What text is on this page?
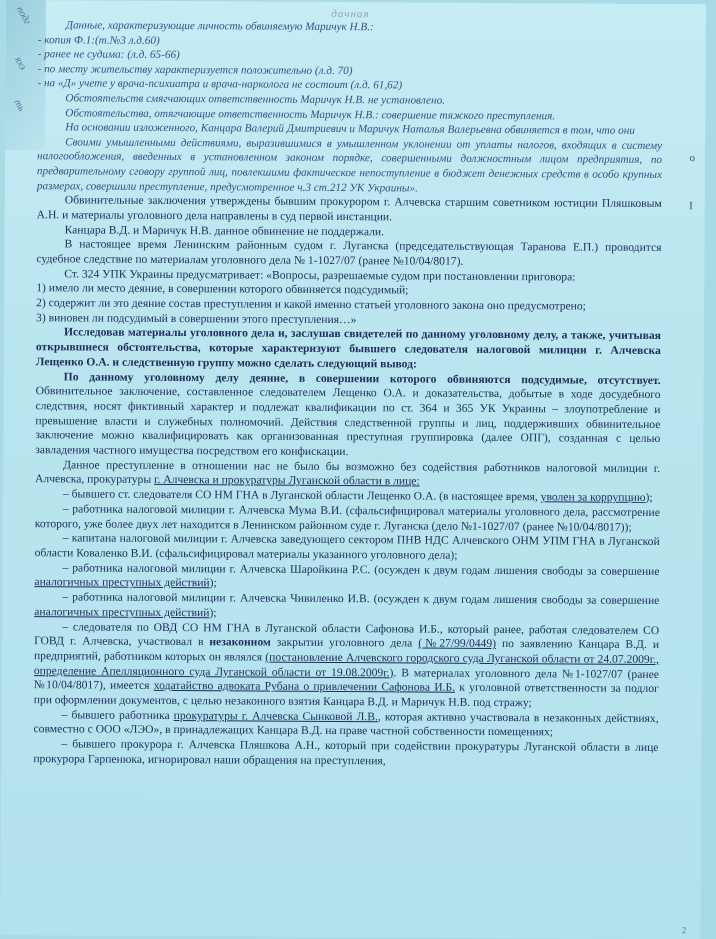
подг
яхэ
ть
о
I
дачная

Данные, характеризующие личность обвиняемую Маричук Н.В.:

- копия Ф.1:(т.№3 л.д.60)

- ранее не судима: (л.д. 65-66)

- по месту жительству характеризуется положительно (л.д. 70)

- на «Д» учете у врача-психиатра и врача-нарколога не состоит (л.д. 61,62)

Обстоятельств смягчающих ответственность Маричук Н.В. не установлено.

Обстоятельства, отягчающие ответственность Маричук Н.В.: совершение тяжкого преступления.

На основании изложенного, Канцара Валерий Дмитриевич и Маричук Наталья Валерьевна обвиняется в том, что они

Своими умышленными действиями, выразившимися в умышленном уклонении от уплаты налогов, входящих в систему налогообложения, введенных в установленном законом порядке, совершенными должностным лицом предприятия, по предварительному сговору группой лиц, повлекшими фактическое непоступление в бюджет денежных средств в особо крупных размерах, совершили преступление, предусмотренное ч.3 ст.212 УК Украины».

Обвинительные заключения утверждены бывшим прокурором г. Алчевска старшим советником юстиции Пляшковым А.Н. и материалы уголовного дела направлены в суд первой инстанции.

Канцара В.Д. и Маричук Н.В. данное обвинение не поддержали.

В настоящее время Ленинским районным судом г. Луганска (председательствующая Таранова Е.П.) проводится судебное следствие по материалам уголовного дела № 1-1027/07 (ранее №10/04/8017).

Ст. 324 УПК Украины предусматривает: «Вопросы, разрешаемые судом при постановлении приговора:

1) имело ли место деяние, в совершении которого обвиняется подсудимый;

2) содержит ли это деяние состав преступления и какой именно статьей уголовного закона оно предусмотрено;

3) виновен ли подсудимый в совершении этого преступления…»

Исследовав материалы уголовного дела и, заслушав свидетелей по данному уголовному делу, а также, учитывая открывшиеся обстоятельства, которые характеризуют бывшего следователя налоговой милиции г. Алчевска Лещенко О.А. и следственную группу можно сделать следующий вывод:

По данному уголовному делу деяние, в совершении которого обвиняются подсудимые, отсутствует. Обвинительное заключение, составленное следователем Лещенко О.А. и доказательства, добытые в ходе досудебного следствия, носят фиктивный характер и подлежат квалификации по ст. 364 и 365 УК Украины – злоупотребление и превышение власти и служебных полномочий. Действия следственной группы и лиц, поддерживших обвинительное заключение можно квалифицировать как организованная преступная группировка (далее ОПГ), созданная с целью завладения частного имущества посредством его конфискации.

Данное преступление в отношении нас не было бы возможно без содействия работников налоговой милиции г. Алчевска, прокуратуры г. Алчевска и прокуратуры Луганской области в лице:

– бывшего ст. следователя СО НМ ГНА в Луганской области Лещенко О.А. (в настоящее время, уволен за коррупцию);

– работника налоговой милиции г. Алчевска Мума В.И. (сфальсифицировал материалы уголовного дела, рассмотрение которого, уже более двух лет находится в Ленинском районном суде г. Луганска (дело №1-1027/07 (ранее №10/04/8017));

– капитана налоговой милиции г. Алчевска заведующего сектором ПНВ НДС Алчевского ОНМ УПМ ГНА в Луганской области Коваленко В.И. (сфальсифицировал материалы указанного уголовного дела);

– работника налоговой милиции г. Алчевска Шаройкина Р.С. (осужден к двум годам лишения свободы за совершение аналогичных преступных действий);

– работника налоговой милиции г. Алчевска Чивиленко И.В. (осужден к двум годам лишения свободы за совершение аналогичных преступных действий);

– следователя по ОВД СО НМ ГНА в Луганской области Сафонова И.Б., который ранее, работая следователем СО ГОВД г. Алчевска, участвовал в незаконном закрытии уголовного дела (№27/99/0449) по заявлению Канцара В.Д. и предприятий, работником которых он являлся (постановление Алчевского городского суда Луганской области от 24.07.2009г., определение Апелляционного суда Луганской области от 19.08.2009г.). В материалах уголовного дела №1-1027/07 (ранее №10/04/8017), имеется ходатайство адвоката Рубана о привлечении Сафонова И.Б. к уголовной ответственности за подлог при оформлении документов, с целью незаконного взятия Канцара В.Д. и Маричук Н.В. под стражу;

– бывшего работника прокуратуры г. Алчевска Сынковой Л.В., которая активно участвовала в незаконных действиях, совместно с ООО «ЛЭО», в принадлежащих Канцара В.Д. на праве частной собственности помещениях;

– бывшего прокурора г. Алчевска Пляшкова А.Н., который при содействии прокуратуры Луганской области в лице прокурора Гарпенюка, игнорировал наши обращения на преступления,

2
